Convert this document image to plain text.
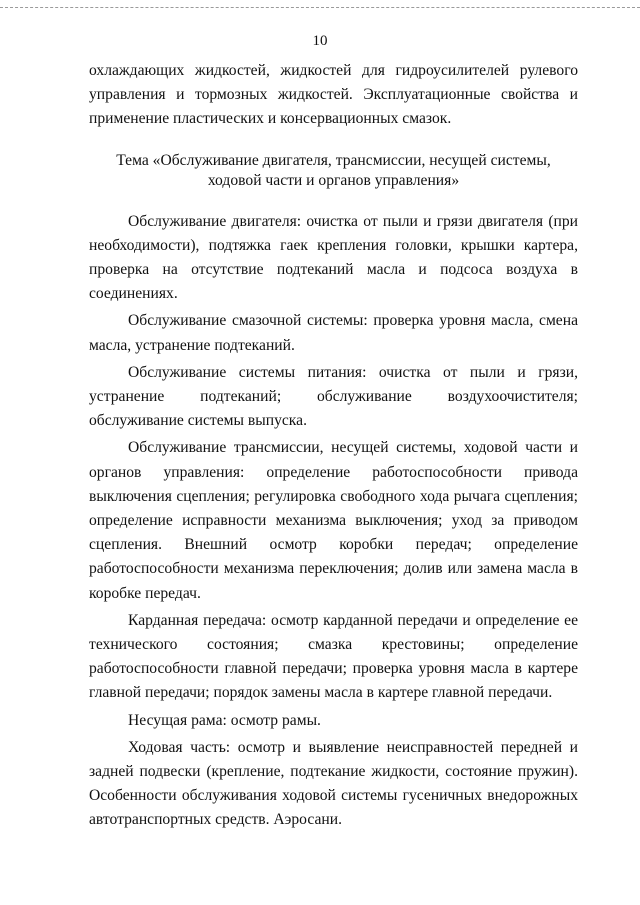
10

охлаждающих жидкостей, жидкостей для гидроусилителей рулевого управления и тормозных жидкостей. Эксплуатационные свойства и применение пластических и консервационных смазок.

Тема «Обслуживание двигателя, трансмиссии, несущей системы, ходовой части и органов управления»

Обслуживание двигателя: очистка от пыли и грязи двигателя (при необходимости), подтяжка гаек крепления головки, крышки картера, проверка на отсутствие подтеканий масла и подсоса воздуха в соединениях.

Обслуживание смазочной системы: проверка уровня масла, смена масла, устранение подтеканий.

Обслуживание системы питания: очистка от пыли и грязи, устранение подтеканий; обслуживание воздухоочистителя; обслуживание системы выпуска.

Обслуживание трансмиссии, несущей системы, ходовой части и органов управления: определение работоспособности привода выключения сцепления; регулировка свободного хода рычага сцепления; определение исправности механизма выключения; уход за приводом сцепления. Внешний осмотр коробки передач; определение работоспособности механизма переключения; долив или замена масла в коробке передач.

Карданная передача: осмотр карданной передачи и определение ее технического состояния; смазка крестовины; определение работоспособности главной передачи; проверка уровня масла в картере главной передачи; порядок замены масла в картере главной передачи.

Несущая рама: осмотр рамы.

Ходовая часть: осмотр и выявление неисправностей передней и задней подвески (крепление, подтекание жидкости, состояние пружин). Особенности обслуживания ходовой системы гусеничных внедорожных автотранспортных средств. Аэросани.
